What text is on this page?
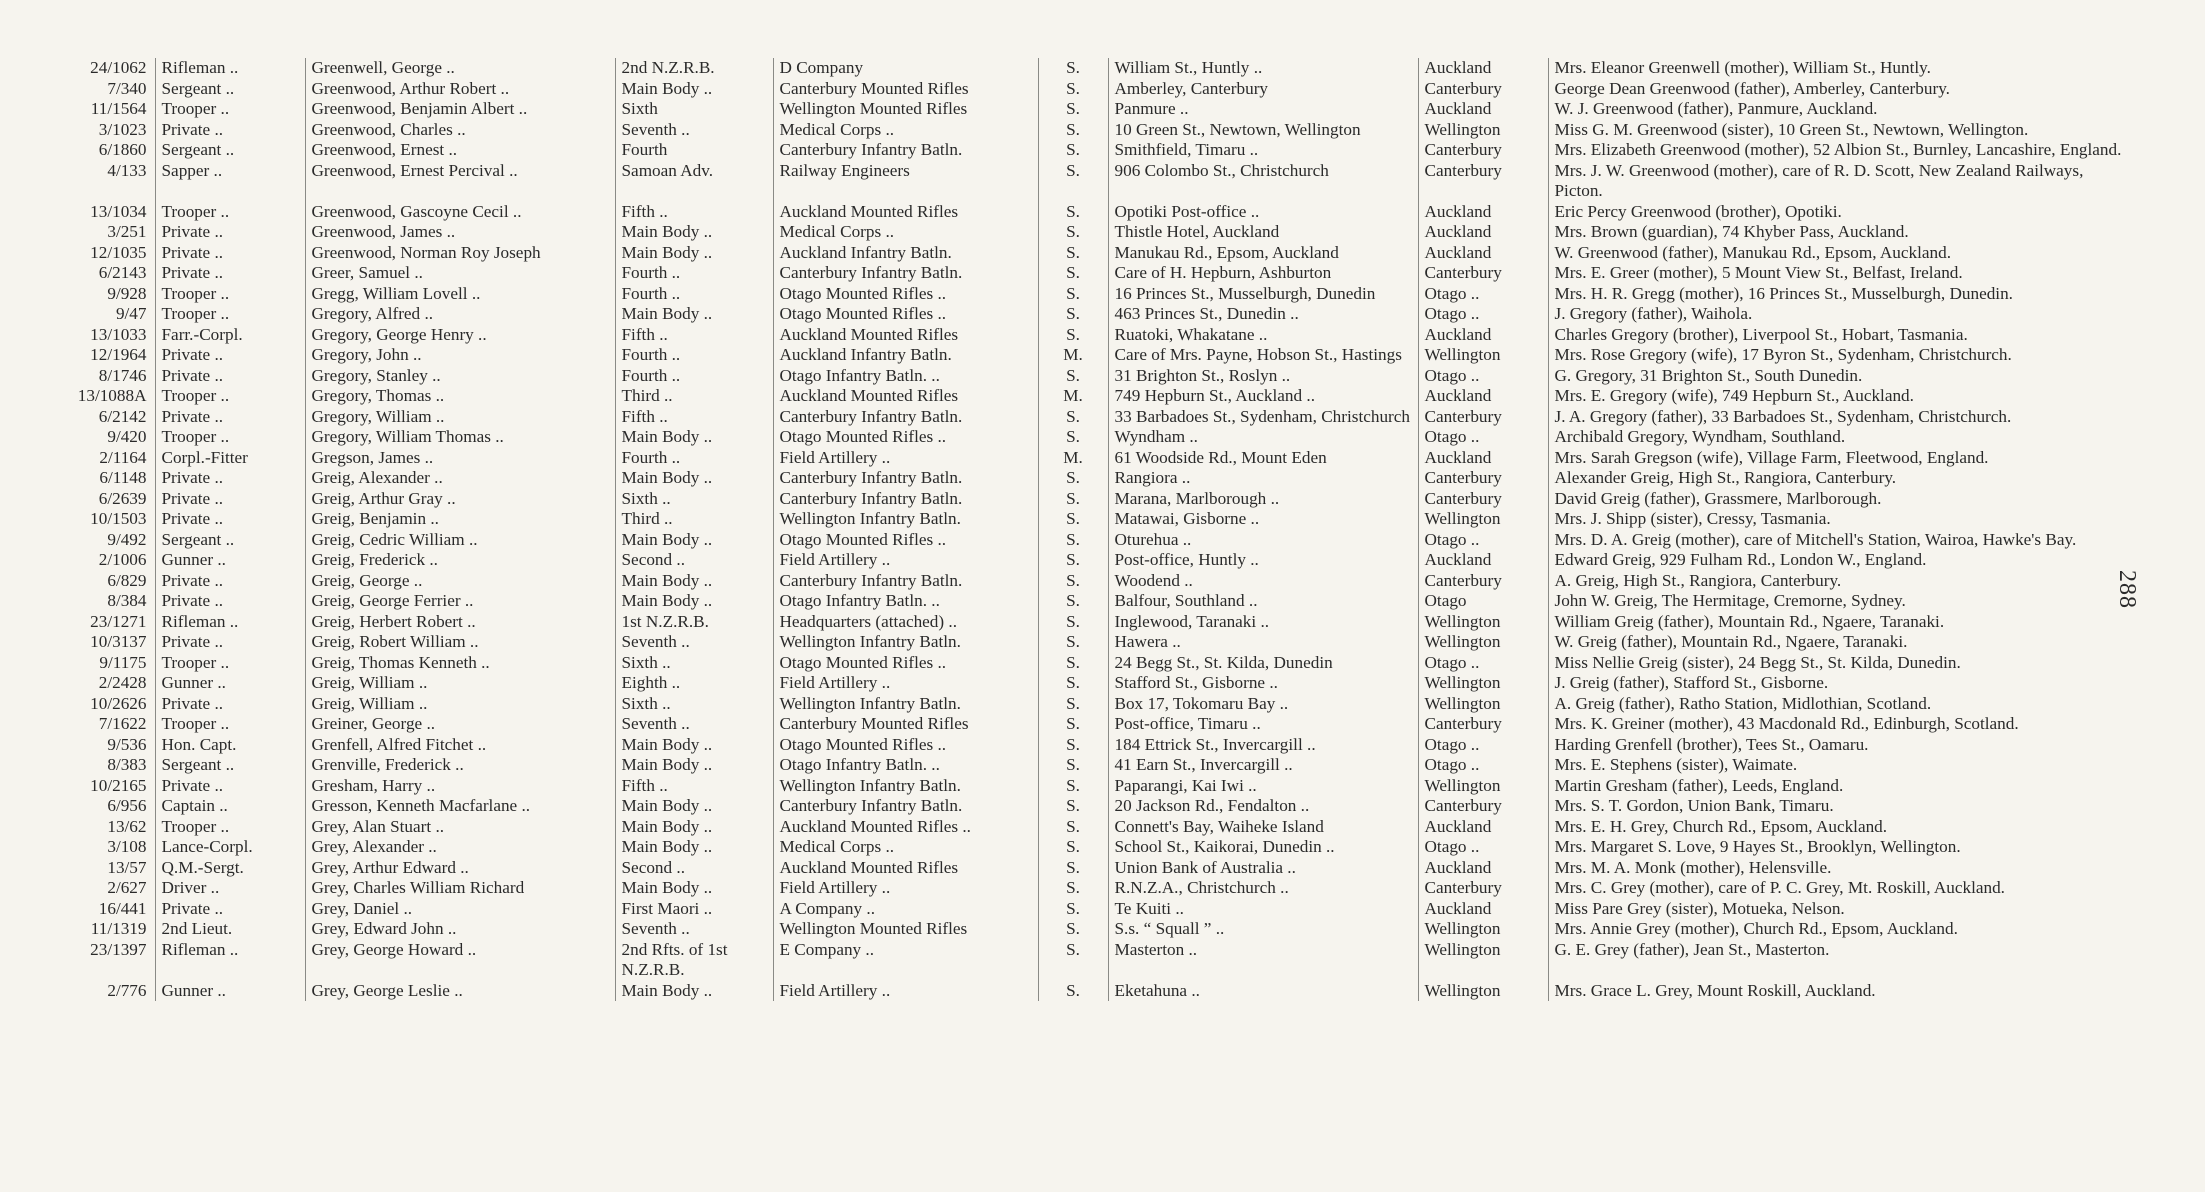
24/1062	Rifleman ..	Greenwell, George ..	2nd N.Z.R.B.	D Company	S.	William St., Huntly ..	Auckland	Mrs. Eleanor Greenwell (mother), William St., Huntly.
7/340	Sergeant ..	Greenwood, Arthur Robert ..	Main Body ..	Canterbury Mounted Rifles	S.	Amberley, Canterbury	Canterbury	George Dean Greenwood (father), Amberley, Canterbury.
11/1564	Trooper ..	Greenwood, Benjamin Albert ..	Sixth	Wellington Mounted Rifles	S.	Panmure ..	Auckland	W. J. Greenwood (father), Panmure, Auckland.
3/1023	Private ..	Greenwood, Charles ..	Seventh ..	Medical Corps ..	S.	10 Green St., Newtown, Wellington	Wellington	Miss G. M. Greenwood (sister), 10 Green St., Newtown, Wellington.
6/1860	Sergeant ..	Greenwood, Ernest ..	Fourth	Canterbury Infantry Batln.	S.	Smithfield, Timaru ..	Canterbury	Mrs. Elizabeth Greenwood (mother), 52 Albion St., Burnley, Lancashire, England.
4/133	Sapper ..	Greenwood, Ernest Percival ..	Samoan Adv.	Railway Engineers	S.	906 Colombo St., Christchurch	Canterbury	Mrs. J. W. Greenwood (mother), care of R. D. Scott, New Zealand Railways, Picton.
13/1034	Trooper ..	Greenwood, Gascoyne Cecil ..	Fifth ..	Auckland Mounted Rifles	S.	Opotiki Post-office ..	Auckland	Eric Percy Greenwood (brother), Opotiki.
3/251	Private ..	Greenwood, James ..	Main Body ..	Medical Corps ..	S.	Thistle Hotel, Auckland	Auckland	Mrs. Brown (guardian), 74 Khyber Pass, Auckland.
12/1035	Private ..	Greenwood, Norman Roy Joseph	Main Body ..	Auckland Infantry Batln.	S.	Manukau Rd., Epsom, Auckland	Auckland	W. Greenwood (father), Manukau Rd., Epsom, Auckland.
6/2143	Private ..	Greer, Samuel ..	Fourth ..	Canterbury Infantry Batln.	S.	Care of H. Hepburn, Ashburton	Canterbury	Mrs. E. Greer (mother), 5 Mount View St., Belfast, Ireland.
9/928	Trooper ..	Gregg, William Lovell ..	Fourth ..	Otago Mounted Rifles ..	S.	16 Princes St., Musselburgh, Dunedin	Otago ..	Mrs. H. R. Gregg (mother), 16 Princes St., Musselburgh, Dunedin.
9/47	Trooper ..	Gregory, Alfred ..	Main Body ..	Otago Mounted Rifles ..	S.	463 Princes St., Dunedin ..	Otago ..	J. Gregory (father), Waihola.
13/1033	Farr.-Corpl.	Gregory, George Henry ..	Fifth ..	Auckland Mounted Rifles	S.	Ruatoki, Whakatane ..	Auckland	Charles Gregory (brother), Liverpool St., Hobart, Tasmania.
12/1964	Private ..	Gregory, John ..	Fourth ..	Auckland Infantry Batln.	M.	Care of Mrs. Payne, Hobson St., Hastings	Wellington	Mrs. Rose Gregory (wife), 17 Byron St., Sydenham, Christchurch.
8/1746	Private ..	Gregory, Stanley ..	Fourth ..	Otago Infantry Batln. ..	S.	31 Brighton St., Roslyn ..	Otago ..	G. Gregory, 31 Brighton St., South Dunedin.
13/1088A	Trooper ..	Gregory, Thomas ..	Third ..	Auckland Mounted Rifles	M.	749 Hepburn St., Auckland ..	Auckland	Mrs. E. Gregory (wife), 749 Hepburn St., Auckland.
6/2142	Private ..	Gregory, William ..	Fifth ..	Canterbury Infantry Batln.	S.	33 Barbadoes St., Sydenham, Christchurch	Canterbury	J. A. Gregory (father), 33 Barbadoes St., Sydenham, Christchurch.
9/420	Trooper ..	Gregory, William Thomas ..	Main Body ..	Otago Mounted Rifles ..	S.	Wyndham ..	Otago ..	Archibald Gregory, Wyndham, Southland.
2/1164	Corpl.-Fitter	Gregson, James ..	Fourth ..	Field Artillery ..	M.	61 Woodside Rd., Mount Eden	Auckland	Mrs. Sarah Gregson (wife), Village Farm, Fleetwood, England.
6/1148	Private ..	Greig, Alexander ..	Main Body ..	Canterbury Infantry Batln.	S.	Rangiora ..	Canterbury	Alexander Greig, High St., Rangiora, Canterbury.
6/2639	Private ..	Greig, Arthur Gray ..	Sixth ..	Canterbury Infantry Batln.	S.	Marana, Marlborough ..	Canterbury	David Greig (father), Grassmere, Marlborough.
10/1503	Private ..	Greig, Benjamin ..	Third ..	Wellington Infantry Batln.	S.	Matawai, Gisborne ..	Wellington	Mrs. J. Shipp (sister), Cressy, Tasmania.
9/492	Sergeant ..	Greig, Cedric William ..	Main Body ..	Otago Mounted Rifles ..	S.	Oturehua ..	Otago ..	Mrs. D. A. Greig (mother), care of Mitchell's Station, Wairoa, Hawke's Bay.
2/1006	Gunner ..	Greig, Frederick ..	Second ..	Field Artillery ..	S.	Post-office, Huntly ..	Auckland	Edward Greig, 929 Fulham Rd., London W., England.
6/829	Private ..	Greig, George ..	Main Body ..	Canterbury Infantry Batln.	S.	Woodend ..	Canterbury	A. Greig, High St., Rangiora, Canterbury.
8/384	Private ..	Greig, George Ferrier ..	Main Body ..	Otago Infantry Batln. ..	S.	Balfour, Southland ..	Otago	John W. Greig, The Hermitage, Cremorne, Sydney.
23/1271	Rifleman ..	Greig, Herbert Robert ..	1st N.Z.R.B.	Headquarters (attached) ..	S.	Inglewood, Taranaki ..	Wellington	William Greig (father), Mountain Rd., Ngaere, Taranaki.
10/3137	Private ..	Greig, Robert William ..	Seventh ..	Wellington Infantry Batln.	S.	Hawera ..	Wellington	W. Greig (father), Mountain Rd., Ngaere, Taranaki.
9/1175	Trooper ..	Greig, Thomas Kenneth ..	Sixth ..	Otago Mounted Rifles ..	S.	24 Begg St., St. Kilda, Dunedin	Otago ..	Miss Nellie Greig (sister), 24 Begg St., St. Kilda, Dunedin.
2/2428	Gunner ..	Greig, William ..	Eighth ..	Field Artillery ..	S.	Stafford St., Gisborne ..	Wellington	J. Greig (father), Stafford St., Gisborne.
10/2626	Private ..	Greig, William ..	Sixth ..	Wellington Infantry Batln.	S.	Box 17, Tokomaru Bay ..	Wellington	A. Greig (father), Ratho Station, Midlothian, Scotland.
7/1622	Trooper ..	Greiner, George ..	Seventh ..	Canterbury Mounted Rifles	S.	Post-office, Timaru ..	Canterbury	Mrs. K. Greiner (mother), 43 Macdonald Rd., Edinburgh, Scotland.
9/536	Hon. Capt.	Grenfell, Alfred Fitchet ..	Main Body ..	Otago Mounted Rifles ..	S.	184 Ettrick St., Invercargill ..	Otago ..	Harding Grenfell (brother), Tees St., Oamaru.
8/383	Sergeant ..	Grenville, Frederick ..	Main Body ..	Otago Infantry Batln. ..	S.	41 Earn St., Invercargill ..	Otago ..	Mrs. E. Stephens (sister), Waimate.
10/2165	Private ..	Gresham, Harry ..	Fifth ..	Wellington Infantry Batln.	S.	Paparangi, Kai Iwi ..	Wellington	Martin Gresham (father), Leeds, England.
6/956	Captain ..	Gresson, Kenneth Macfarlane ..	Main Body ..	Canterbury Infantry Batln.	S.	20 Jackson Rd., Fendalton ..	Canterbury	Mrs. S. T. Gordon, Union Bank, Timaru.
13/62	Trooper ..	Grey, Alan Stuart ..	Main Body ..	Auckland Mounted Rifles ..	S.	Connett's Bay, Waiheke Island	Auckland	Mrs. E. H. Grey, Church Rd., Epsom, Auckland.
3/108	Lance-Corpl.	Grey, Alexander ..	Main Body ..	Medical Corps ..	S.	School St., Kaikorai, Dunedin ..	Otago ..	Mrs. Margaret S. Love, 9 Hayes St., Brooklyn, Wellington.
13/57	Q.M.-Sergt.	Grey, Arthur Edward ..	Second ..	Auckland Mounted Rifles	S.	Union Bank of Australia ..	Auckland	Mrs. M. A. Monk (mother), Helensville.
2/627	Driver ..	Grey, Charles William Richard	Main Body ..	Field Artillery ..	S.	R.N.Z.A., Christchurch ..	Canterbury	Mrs. C. Grey (mother), care of P. C. Grey, Mt. Roskill, Auckland.
16/441	Private ..	Grey, Daniel ..	First Maori ..	A Company ..	S.	Te Kuiti ..	Auckland	Miss Pare Grey (sister), Motueka, Nelson.
11/1319	2nd Lieut.	Grey, Edward John ..	Seventh ..	Wellington Mounted Rifles	S.	S.s. “ Squall ” ..	Wellington	Mrs. Annie Grey (mother), Church Rd., Epsom, Auckland.
23/1397	Rifleman ..	Grey, George Howard ..	2nd Rfts. of 1st N.Z.R.B.	E Company ..	S.	Masterton ..	Wellington	G. E. Grey (father), Jean St., Masterton.
2/776	Gunner ..	Grey, George Leslie ..	Main Body ..	Field Artillery ..	S.	Eketahuna ..	Wellington	Mrs. Grace L. Grey, Mount Roskill, Auckland.
288
